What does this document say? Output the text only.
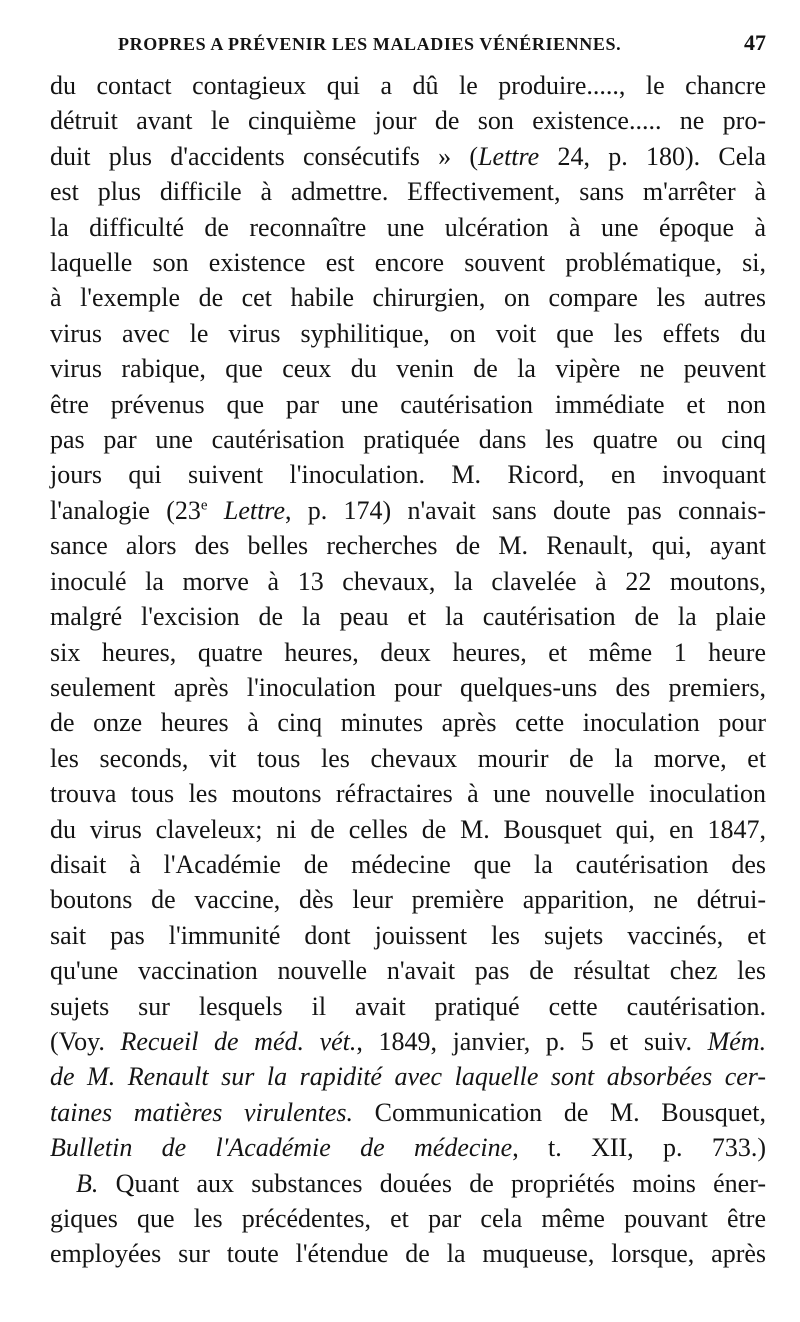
PROPRES A PRÉVENIR LES MALADIES VÉNÉRIENNES.	47
du contact contagieux qui a dû le produire....., le chancre
détruit avant le cinquième jour de son existence..... ne pro-
duit plus d'accidents consécutifs » (Lettre 24, p. 180). Cela
est plus difficile à admettre. Effectivement, sans m'arrêter à
la difficulté de reconnaître une ulcération à une époque à
laquelle son existence est encore souvent problématique, si,
à l'exemple de cet habile chirurgien, on compare les autres
virus avec le virus syphilitique, on voit que les effets du
virus rabique, que ceux du venin de la vipère ne peuvent
être prévenus que par une cautérisation immédiate et non
pas par une cautérisation pratiquée dans les quatre ou cinq
jours qui suivent l'inoculation. M. Ricord, en invoquant
l'analogie (23e Lettre, p. 174) n'avait sans doute pas connais-
sance alors des belles recherches de M. Renault, qui, ayant
inoculé la morve à 13 chevaux, la clavelée à 22 moutons,
malgré l'excision de la peau et la cautérisation de la plaie
six heures, quatre heures, deux heures, et même 1 heure
seulement après l'inoculation pour quelques-uns des premiers,
de onze heures à cinq minutes après cette inoculation pour
les seconds, vit tous les chevaux mourir de la morve, et
trouva tous les moutons réfractaires à une nouvelle inoculation
du virus claveleux; ni de celles de M. Bousquet qui, en 1847,
disait à l'Académie de médecine que la cautérisation des
boutons de vaccine, dès leur première apparition, ne détrui-
sait pas l'immunité dont jouissent les sujets vaccinés, et
qu'une vaccination nouvelle n'avait pas de résultat chez les
sujets sur lesquels il avait pratiqué cette cautérisation.
(Voy. Recueil de méd. vét., 1849, janvier, p. 5 et suiv. Mém.
de M. Renault sur la rapidité avec laquelle sont absorbées cer-
taines matières virulentes. Communication de M. Bousquet,
Bulletin de l'Académie de médecine, t. XII, p. 733.)
B. Quant aux substances douées de propriétés moins éner-
giques que les précédentes, et par cela même pouvant être
employées sur toute l'étendue de la muqueuse, lorsque, après
